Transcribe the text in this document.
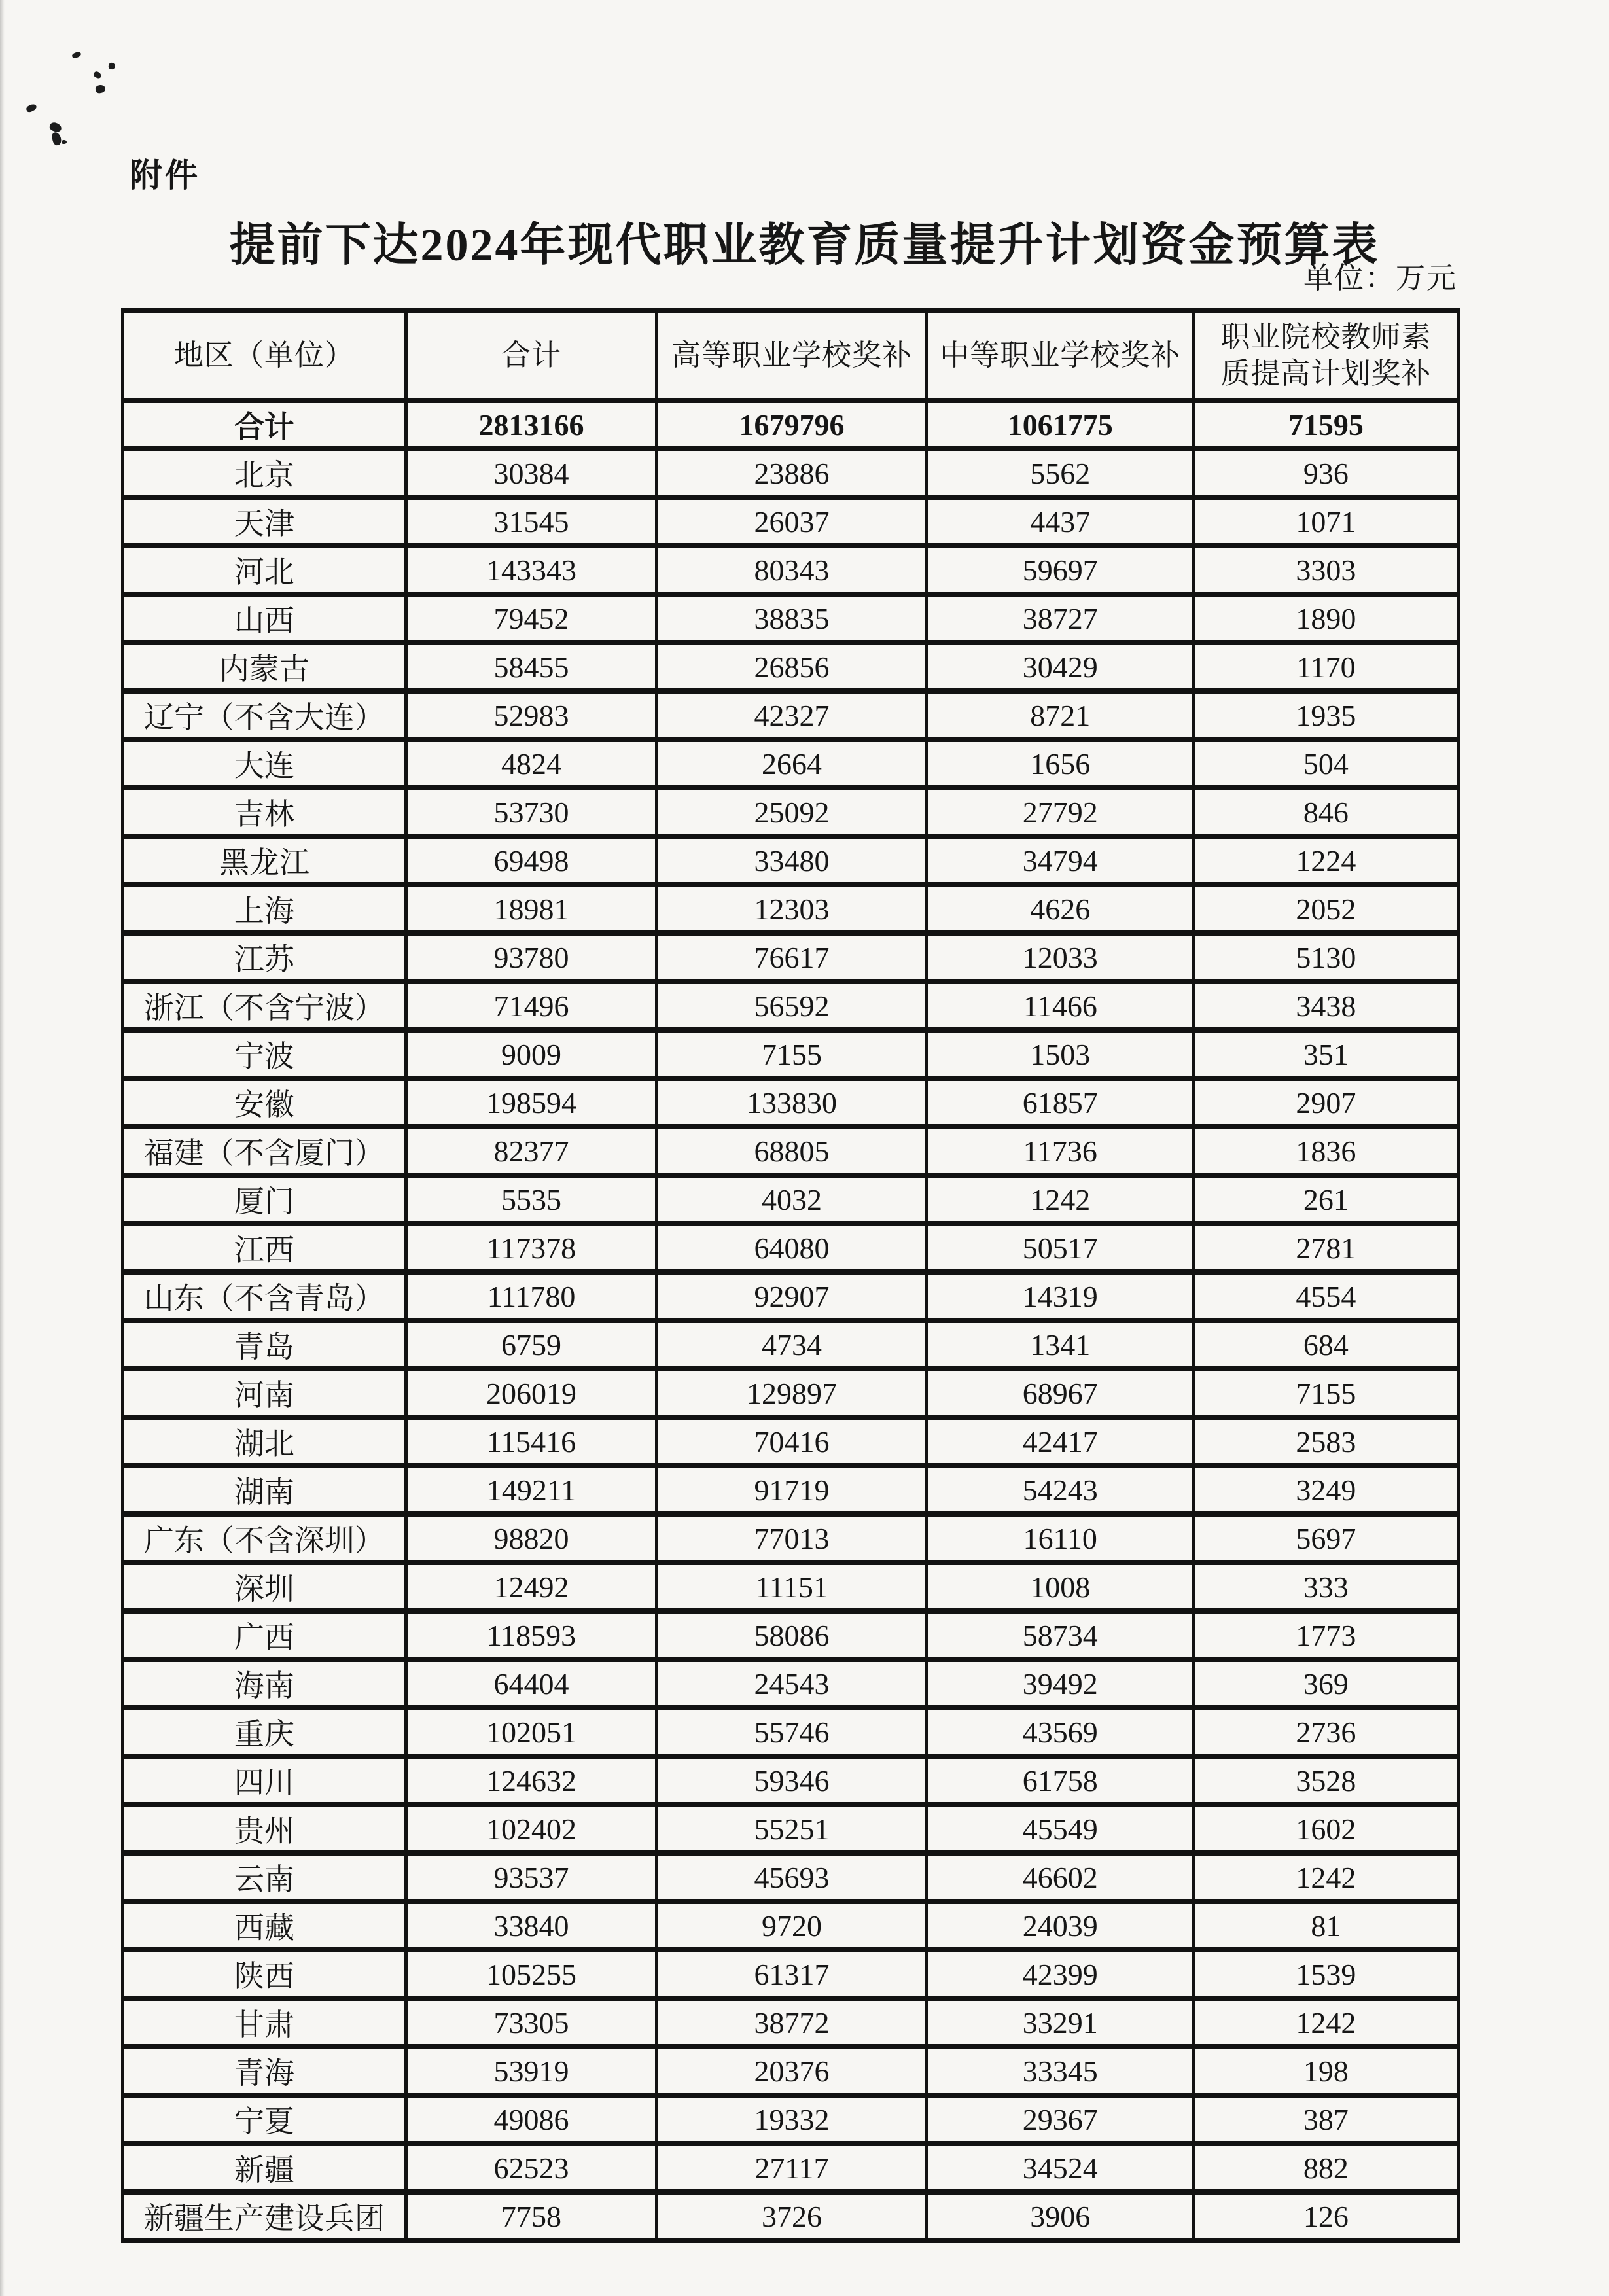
附件
提前下达2024年现代职业教育质量提升计划资金预算表
单位：万元
地区（单位）	合计	高等职业学校奖补	中等职业学校奖补	职业院校教师素质提高计划奖补
合计	2813166	1679796	1061775	71595
北京	30384	23886	5562	936
天津	31545	26037	4437	1071
河北	143343	80343	59697	3303
山西	79452	38835	38727	1890
内蒙古	58455	26856	30429	1170
辽宁（不含大连）	52983	42327	8721	1935
大连	4824	2664	1656	504
吉林	53730	25092	27792	846
黑龙江	69498	33480	34794	1224
上海	18981	12303	4626	2052
江苏	93780	76617	12033	5130
浙江（不含宁波）	71496	56592	11466	3438
宁波	9009	7155	1503	351
安徽	198594	133830	61857	2907
福建（不含厦门）	82377	68805	11736	1836
厦门	5535	4032	1242	261
江西	117378	64080	50517	2781
山东（不含青岛）	111780	92907	14319	4554
青岛	6759	4734	1341	684
河南	206019	129897	68967	7155
湖北	115416	70416	42417	2583
湖南	149211	91719	54243	3249
广东（不含深圳）	98820	77013	16110	5697
深圳	12492	11151	1008	333
广西	118593	58086	58734	1773
海南	64404	24543	39492	369
重庆	102051	55746	43569	2736
四川	124632	59346	61758	3528
贵州	102402	55251	45549	1602
云南	93537	45693	46602	1242
西藏	33840	9720	24039	81
陕西	105255	61317	42399	1539
甘肃	73305	38772	33291	1242
青海	53919	20376	33345	198
宁夏	49086	19332	29367	387
新疆	62523	27117	34524	882
新疆生产建设兵团	7758	3726	3906	126
